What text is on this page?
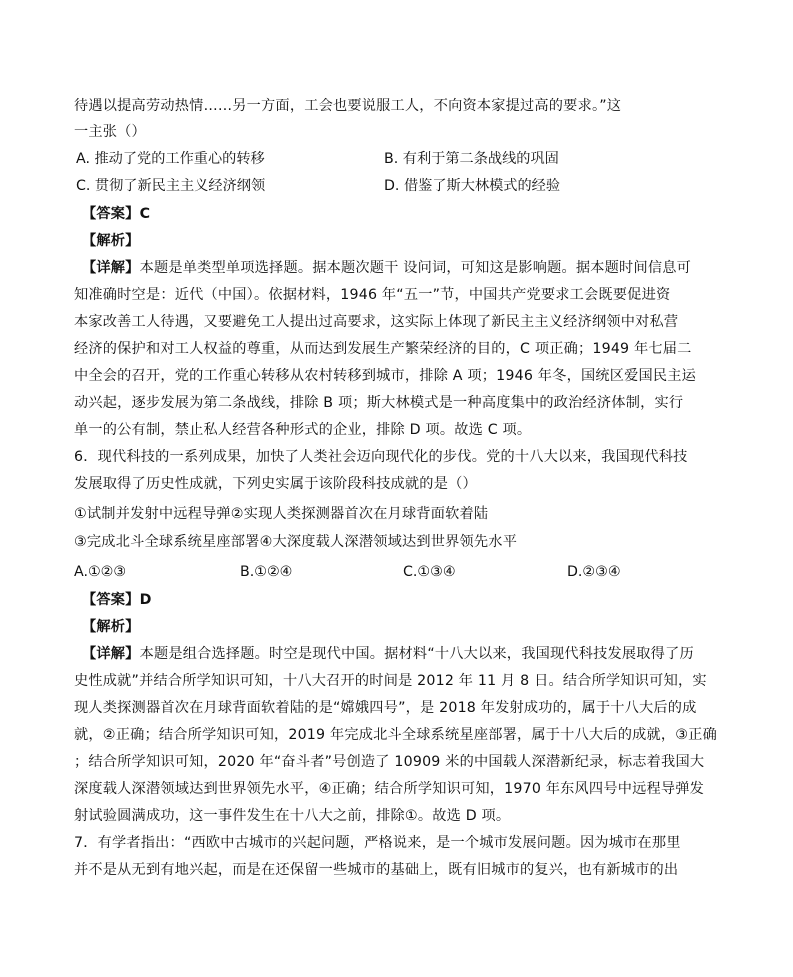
待遇以提高劳动热情……另一方面，工会也要说服工人，不向资本家提过高的要求。”这
一主张（）
A. 推动了党的工作重心的转移	B. 有利于第二条战线的巩固
C. 贯彻了新民主主义经济纲领	D. 借鉴了斯大林模式的经验
【答案】C
【解析】
【详解】本题是单类型单项选择题。据本题次题干 设问词，可知这是影响题。据本题时间信息可
知准确时空是：近代（中国）。依据材料，1946 年“五一”节，中国共产党要求工会既要促进资
本家改善工人待遇，又要避免工人提出过高要求，这实际上体现了新民主主义经济纲领中对私营
经济的保护和对工人权益的尊重，从而达到发展生产繁荣经济的目的，C 项正确；1949 年七届二
中全会的召开，党的工作重心转移从农村转移到城市，排除 A 项；1946 年冬，国统区爱国民主运
动兴起，逐步发展为第二条战线，排除 B 项；斯大林模式是一种高度集中的政治经济体制，实行
单一的公有制，禁止私人经营各种形式的企业，排除 D 项。故选 C 项。
6．现代科技的一系列成果，加快了人类社会迈向现代化的步伐。党的十八大以来，我国现代科技
发展取得了历史性成就，下列史实属于该阶段科技成就的是（）
①试制并发射中远程导弹②实现人类探测器首次在月球背面软着陆
③完成北斗全球系统星座部署④大深度载人深潜领域达到世界领先水平
A.①②③	B.①②④	C.①③④	D.②③④
【答案】D
【解析】
【详解】本题是组合选择题。时空是现代中国。据材料“十八大以来，我国现代科技发展取得了历
史性成就”并结合所学知识可知，十八大召开的时间是 2012 年 11 月 8 日。结合所学知识可知，实
现人类探测器首次在月球背面软着陆的是“嫦娥四号”，是 2018 年发射成功的，属于十八大后的成
就，②正确；结合所学知识可知，2019 年完成北斗全球系统星座部署，属于十八大后的成就，③正确
；结合所学知识可知，2020 年“奋斗者”号创造了 10909 米的中国载人深潜新纪录，标志着我国大
深度载人深潜领域达到世界领先水平，④正确；结合所学知识可知，1970 年东风四号中远程导弹发
射试验圆满成功，这一事件发生在十八大之前，排除①。故选 D 项。
7．有学者指出：“西欧中古城市的兴起问题，严格说来，是一个城市发展问题。因为城市在那里
并不是从无到有地兴起，而是在还保留一些城市的基础上，既有旧城市的复兴，也有新城市的出
